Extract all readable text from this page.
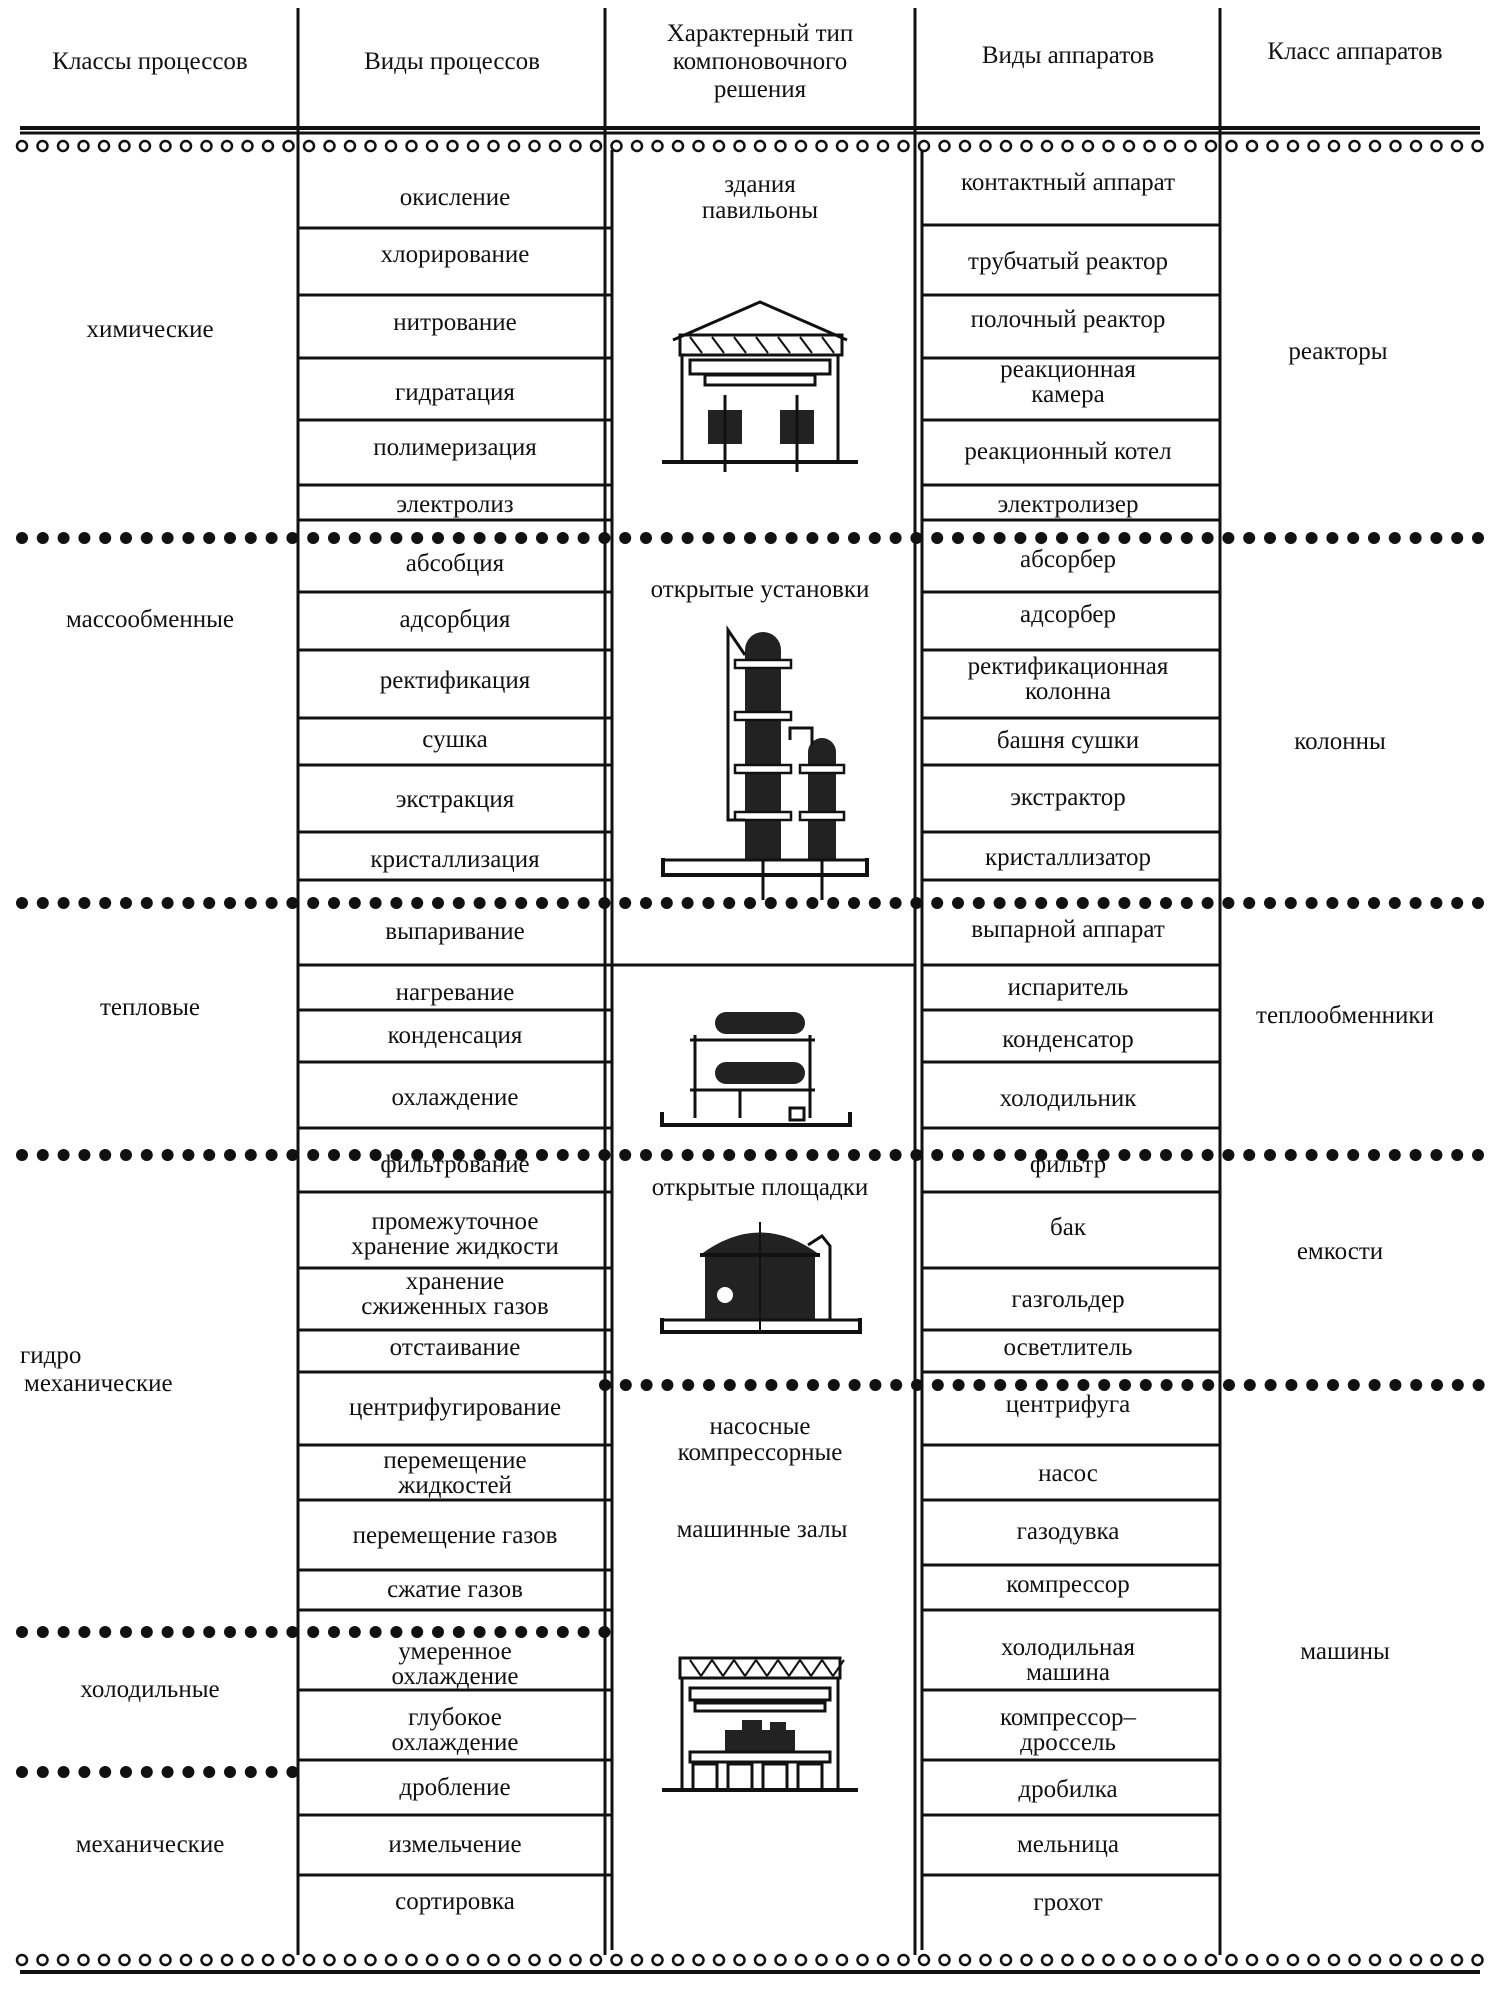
Классы процессов	Виды процессов
Характерный тип
компоновочного
решения
Виды аппаратов	Класс аппаратов
окисление
хлорирование
нитрование
гидратация
полимеризация
электролиз
абсобция
адсорбция
ректификация
сушка
экстракция
кристаллизация
выпаривание
нагревание
конденсация
охлаждение
фильтрование
промежуточное
хранение жидкости
хранение
сжиженных газов
отстаивание
центрифугирование
перемещение
жидкостей
перемещение газов
сжатие газов
умеренное
охлаждение
глубокое
охлаждение
дробление
измельчение
сортировка
контактный аппарат
трубчатый реактор
полочный реактор
реакционная
камера
реакционный котел
электролизер
абсорбер
адсорбер
ректификационная
колонна
башня сушки
экстрактор
кристаллизатор
выпарной аппарат
испаритель
конденсатор
холодильник
фильтр
бак
газгольдер
осветлитель
центрифуга
насос
газодувка
компрессор
холодильная
машина
компрессор–
дроссель
дробилка
мельница
грохот
химические
массообменные
тепловые
гидро
механические
холодильные
механические
реакторы
колонны
теплообменники
емкости
машины
здания
павильоны
открытые установки
открытые площадки
насосные
компрессорные
машинные залы
